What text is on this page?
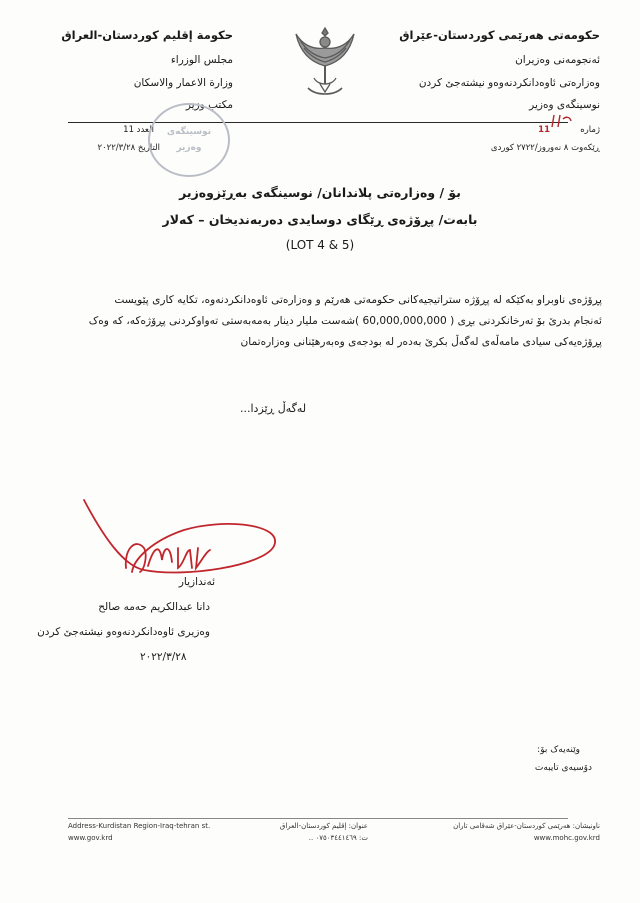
حکومەتی هەرێمی کوردستان-عێراق
ئەنجومەنی وەزیران
وەزارەتی ئاوەدانکردنەوەو نیشتەجێ کردن
نوسینگەی وەزیر
حكومة إقليم كوردستان-العراق
مجلس الوزراء
وزارة الاعمار والاسكان
مكتب وزير
ژمارە
11
ڕێکەوت ٨ نەوروز/٢٧٢٢ كوردی
العدد 11
التاريخ ٢٠٢٢/٣/٢٨
نوسینگەی
وەزیر
بۆ / وەزارەتی پلاندانان/ نوسینگەی بەڕێزوەزیر
بابەت/ پڕۆژەی ڕێگای دوسایدی دەربەندیخان – کەلار
(LOT 4 & 5)
پڕۆژەی ناوبراو بەکێکە لە پڕۆژە ستراتیجیەکانی حکومەتی هەرێم و وەزارەتی ئاوەدانکردنەوە، تکایە کاری پێویست
ئەنجام بدرێ بۆ تەرخانکردنی بڕی ( 60,000,000,000 )شەست ملیار دینار بەمەبەستی تەواوکردنی پڕۆژەکە، کە وەک
پڕۆژەیەکی سیادی مامەڵەی لەگەڵ بکرێ بەدەر لە بودجەی وەبەرهێنانی وەزارەتمان
لەگەڵ ڕێزدا...
ئەندازیار
دانا عبدالكريم حەمە صالح
وەزیری ئاوەدانکردنەوەو نیشتەجێ کردن
٢٠٢٢/٣/٢٨
وێنەیەک بۆ:
دۆسیەی تایبەت
Address-Kurdistan Region-Iraq-tehran st.
www.gov.krd
عنوان: إقليم كوردستان-العراق
ت: ٠٧٥٠٣٤٤١٤٦٩ ..
ناونیشان: هەرێمی کوردستان-عێراق شەقامی تاران
www.mohc.gov.krd
